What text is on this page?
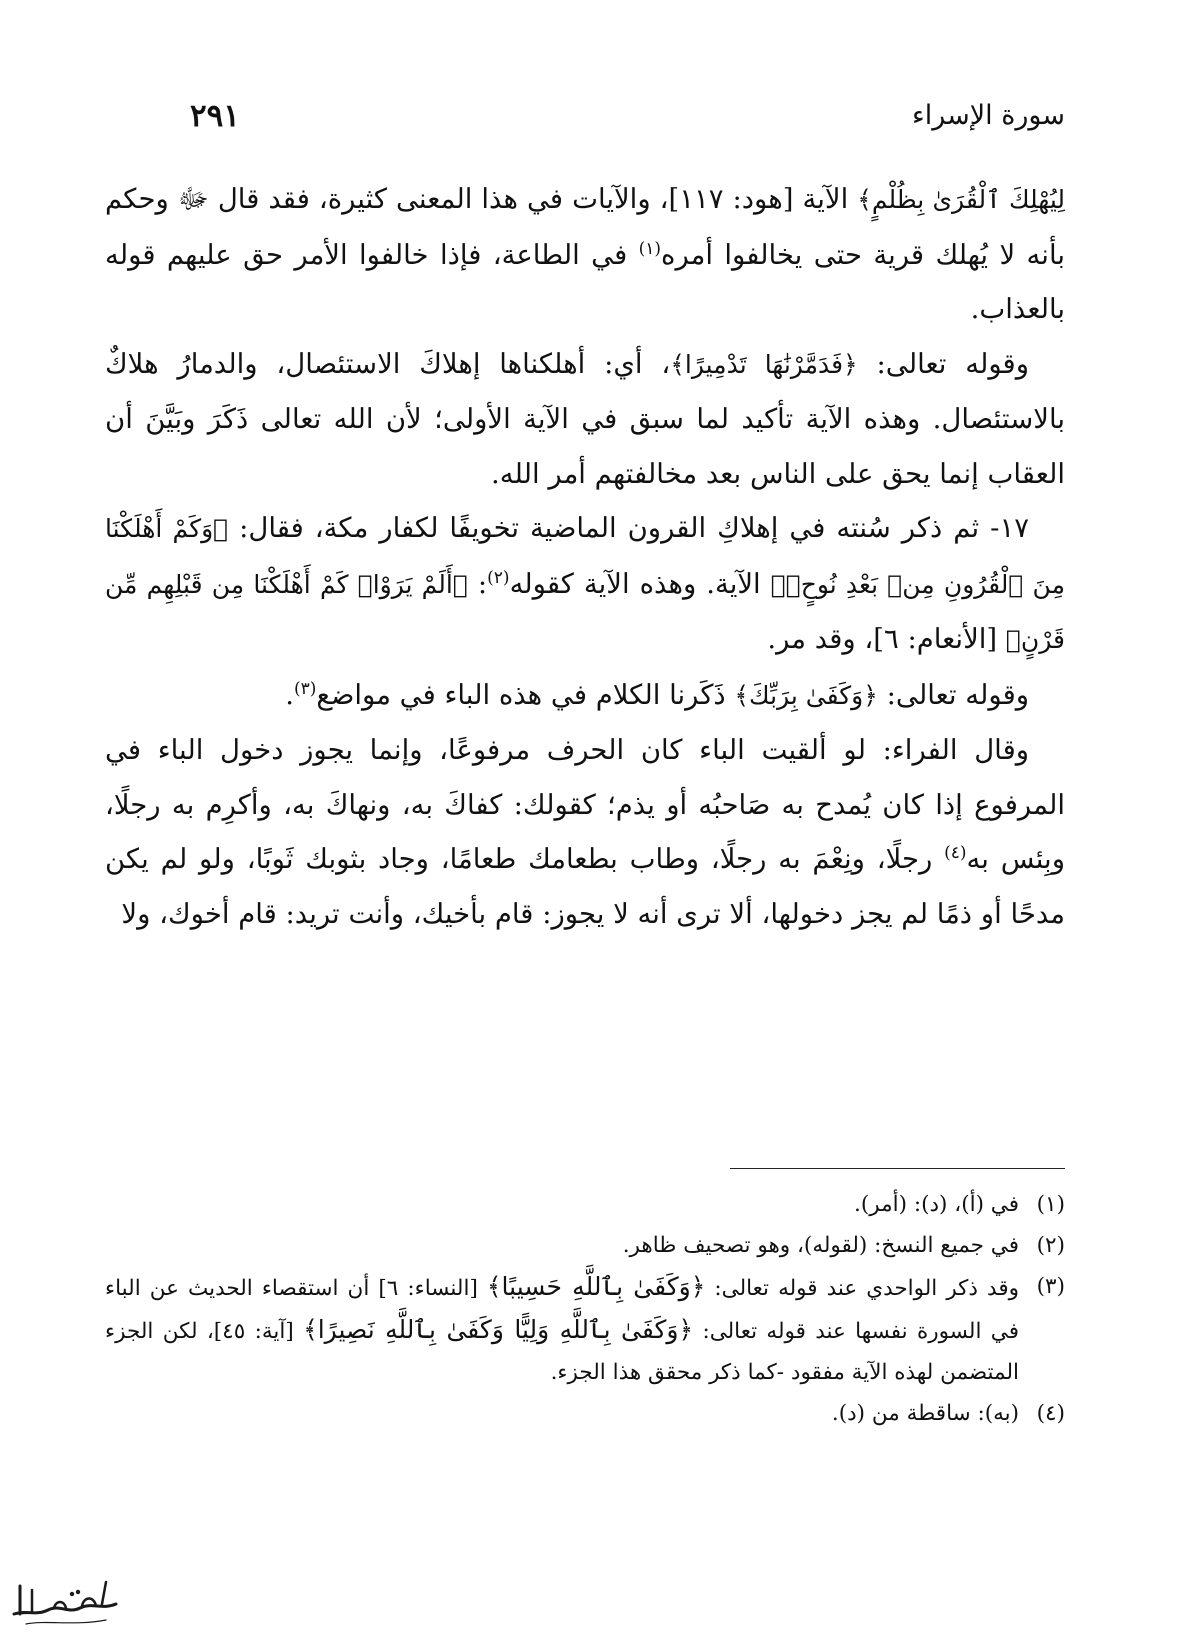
سورة الإسراء
٢٩١

لِيُهْلِكَ ٱلْقُرَىٰ بِظُلْمٍ﴾ الآية [هود: ١١٧]، والآيات في هذا المعنى كثيرة، فقد قال ﷻ وحكم بأنه لا يُهلك قرية حتى يخالفوا أمره$^{(١)}$ في الطاعة، فإذا خالفوا الأمر حق عليهم قوله بالعذاب.

وقوله تعالى: ﴿فَدَمَّرْنَٰهَا تَدْمِيرًا﴾، أي: أهلكناها إهلاكَ الاستئصال، والدمارُ هلاكٌ بالاستئصال. وهذه الآية تأكيد لما سبق في الآية الأولى؛ لأن الله تعالى ذَكَرَ وبَيَّنَ أن العقاب إنما يحق على الناس بعد مخالفتهم أمر الله.

١٧- ثم ذكر سُنته في إهلاكِ القرون الماضية تخويفًا لكفار مكة، فقال: ﴿وَكَمْ أَهْلَكْنَا مِنَ ٱلْقُرُونِ مِنۢ بَعْدِ نُوحٍۗ﴾ الآية. وهذه الآية كقوله$^{(٢)}$: ﴿أَلَمْ يَرَوْا۟ كَمْ أَهْلَكْنَا مِن قَبْلِهِم مِّن قَرْنٍ﴾ [الأنعام: ٦]، وقد مر.

وقوله تعالى: ﴿وَكَفَىٰ بِرَبِّكَ﴾ ذَكَرنا الكلام في هذه الباء في مواضع$^{(٣)}$.

وقال الفراء: لو ألقيت الباء كان الحرف مرفوعًا، وإنما يجوز دخول الباء في المرفوع إذا كان يُمدح به صَاحبُه أو يذم؛ كقولك: كفاكَ به، ونهاكَ به، وأكرِم به رجلًا، وبِئس به$^{(٤)}$ رجلًا، ونِعْمَ به رجلًا، وطاب بطعامك طعامًا، وجاد بثوبك ثَوبًا، ولو لم يكن مدحًا أو ذمًا لم يجز دخولها، ألا ترى أنه لا يجوز: قام بأخيك، وأنت تريد: قام أخوك، ولا

(١)
في (أ)، (د): (أمر).
(٢)
في جميع النسخ: (لقوله)، وهو تصحيف ظاهر.
(٣)
وقد ذكر الواحدي عند قوله تعالى: ﴿وَكَفَىٰ بِٱللَّهِ حَسِيبًا﴾ [النساء: ٦] أن استقصاء الحديث عن الباء في السورة نفسها عند قوله تعالى: ﴿وَكَفَىٰ بِٱللَّهِ وَلِيًّا وَكَفَىٰ بِٱللَّهِ نَصِيرًا﴾ [آية: ٤٥]، لكن الجزء المتضمن لهذه الآية مفقود -كما ذكر محقق هذا الجزء.
(٤)
(به): ساقطة من (د).
